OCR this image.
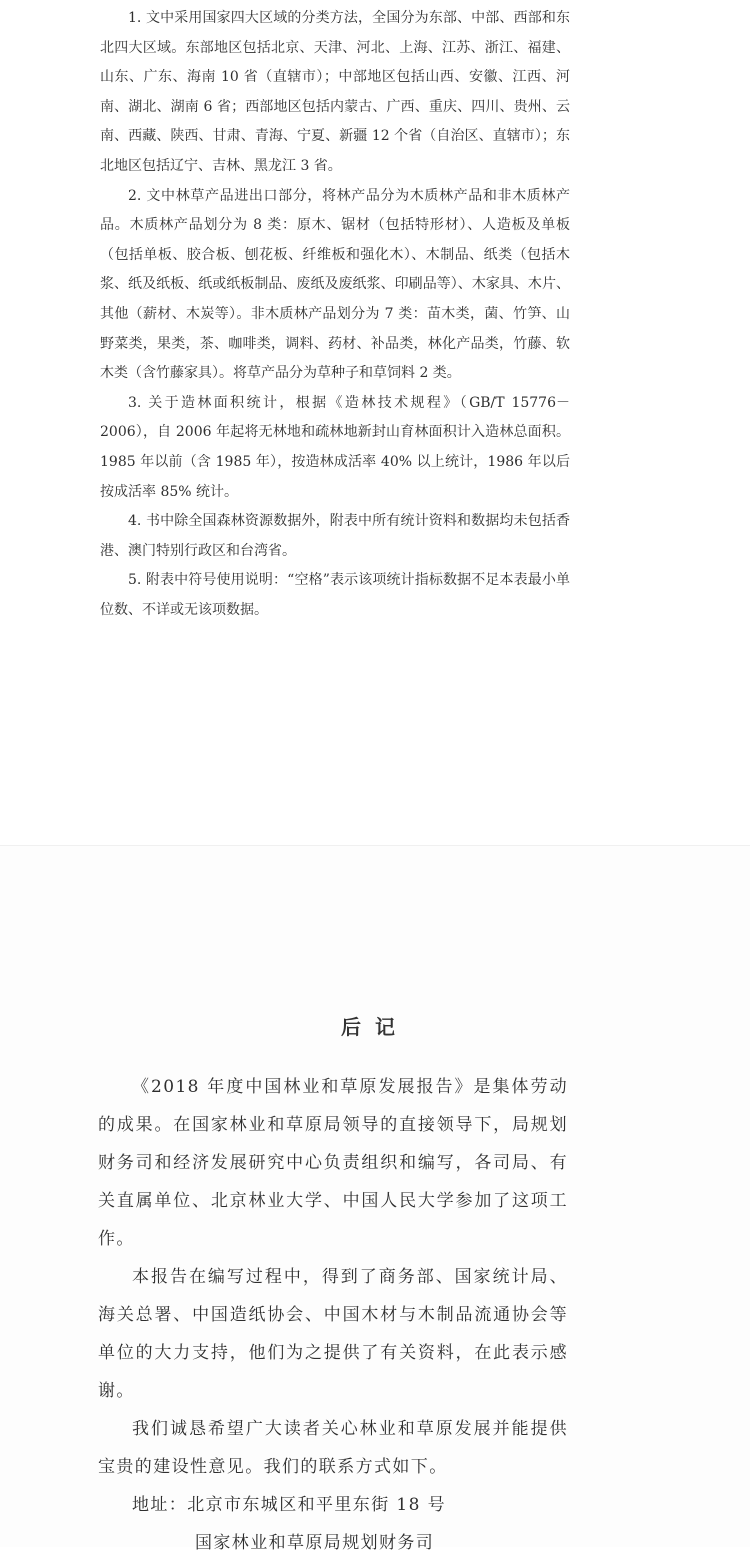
1. 文中采用国家四大区域的分类方法，全国分为东部、中部、西部和东北四大区域。东部地区包括北京、天津、河北、上海、江苏、浙江、福建、山东、广东、海南 10 省（直辖市）；中部地区包括山西、安徽、江西、河南、湖北、湖南 6 省；西部地区包括内蒙古、广西、重庆、四川、贵州、云南、西藏、陕西、甘肃、青海、宁夏、新疆 12 个省（自治区、直辖市）；东北地区包括辽宁、吉林、黑龙江 3 省。

2. 文中林草产品进出口部分，将林产品分为木质林产品和非木质林产品。木质林产品划分为 8 类：原木、锯材（包括特形材）、人造板及单板（包括单板、胶合板、刨花板、纤维板和强化木）、木制品、纸类（包括木浆、纸及纸板、纸或纸板制品、废纸及废纸浆、印刷品等）、木家具、木片、其他（薪材、木炭等）。非木质林产品划分为 7 类：苗木类，菌、竹笋、山野菜类，果类，茶、咖啡类，调料、药材、补品类，林化产品类，竹藤、软木类（含竹藤家具）。将草产品分为草种子和草饲料 2 类。

3. 关于造林面积统计，根据《造林技术规程》（GB/T 15776－2006），自 2006 年起将无林地和疏林地新封山育林面积计入造林总面积。1985 年以前（含 1985 年），按造林成活率 40% 以上统计，1986 年以后按成活率 85% 统计。

4. 书中除全国森林资源数据外，附表中所有统计资料和数据均未包括香港、澳门特别行政区和台湾省。

5. 附表中符号使用说明：“空格”表示该项统计指标数据不足本表最小单位数、不详或无该项数据。

后记

《2018 年度中国林业和草原发展报告》是集体劳动的成果。在国家林业和草原局领导的直接领导下，局规划财务司和经济发展研究中心负责组织和编写，各司局、有关直属单位、北京林业大学、中国人民大学参加了这项工作。

本报告在编写过程中，得到了商务部、国家统计局、海关总署、中国造纸协会、中国木材与木制品流通协会等单位的大力支持，他们为之提供了有关资料，在此表示感谢。

我们诚恳希望广大读者关心林业和草原发展并能提供宝贵的建设性意见。我们的联系方式如下。

地址：北京市东城区和平里东街 18 号

国家林业和草原局规划财务司
